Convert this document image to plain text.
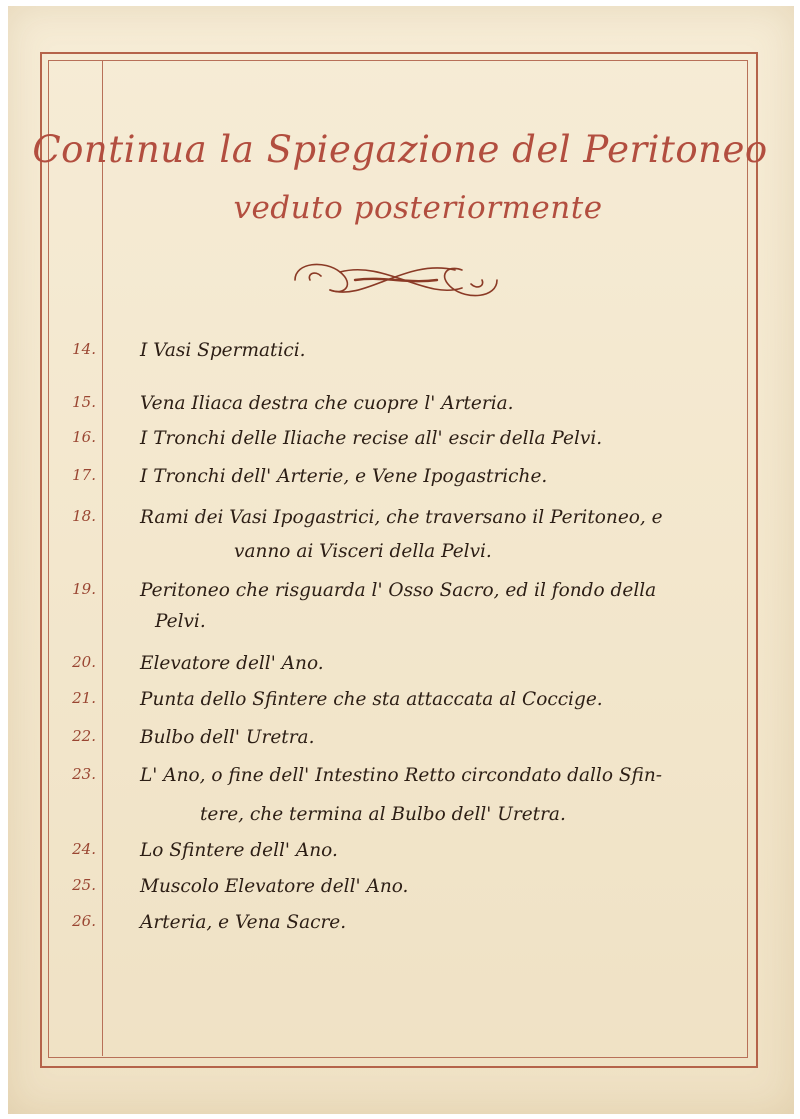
Continua la Spiegazione del Peritoneo
veduto posteriormente
14. I Vasi Spermatici.
15. Vena Iliaca destra che cuopre l' Arteria.
16. I Tronchi delle Iliache recise all' escir della Pelvi.
17. I Tronchi dell' Arterie, e Vene Ipogastriche.
18. Rami dei Vasi Ipogastrici, che traversano il Peritoneo, e
vanno ai Visceri della Pelvi.
19. Peritoneo che risguarda l' Osso Sacro, ed il fondo della
Pelvi.
20. Elevatore dell' Ano.
21. Punta dello Sfintere che sta attaccata al Coccige.
22. Bulbo dell' Uretra.
23. L' Ano, o fine dell' Intestino Retto circondato dallo Sfin-
tere, che termina al Bulbo dell' Uretra.
24. Lo Sfintere dell' Ano.
25. Muscolo Elevatore dell' Ano.
26. Arteria, e Vena Sacre.
